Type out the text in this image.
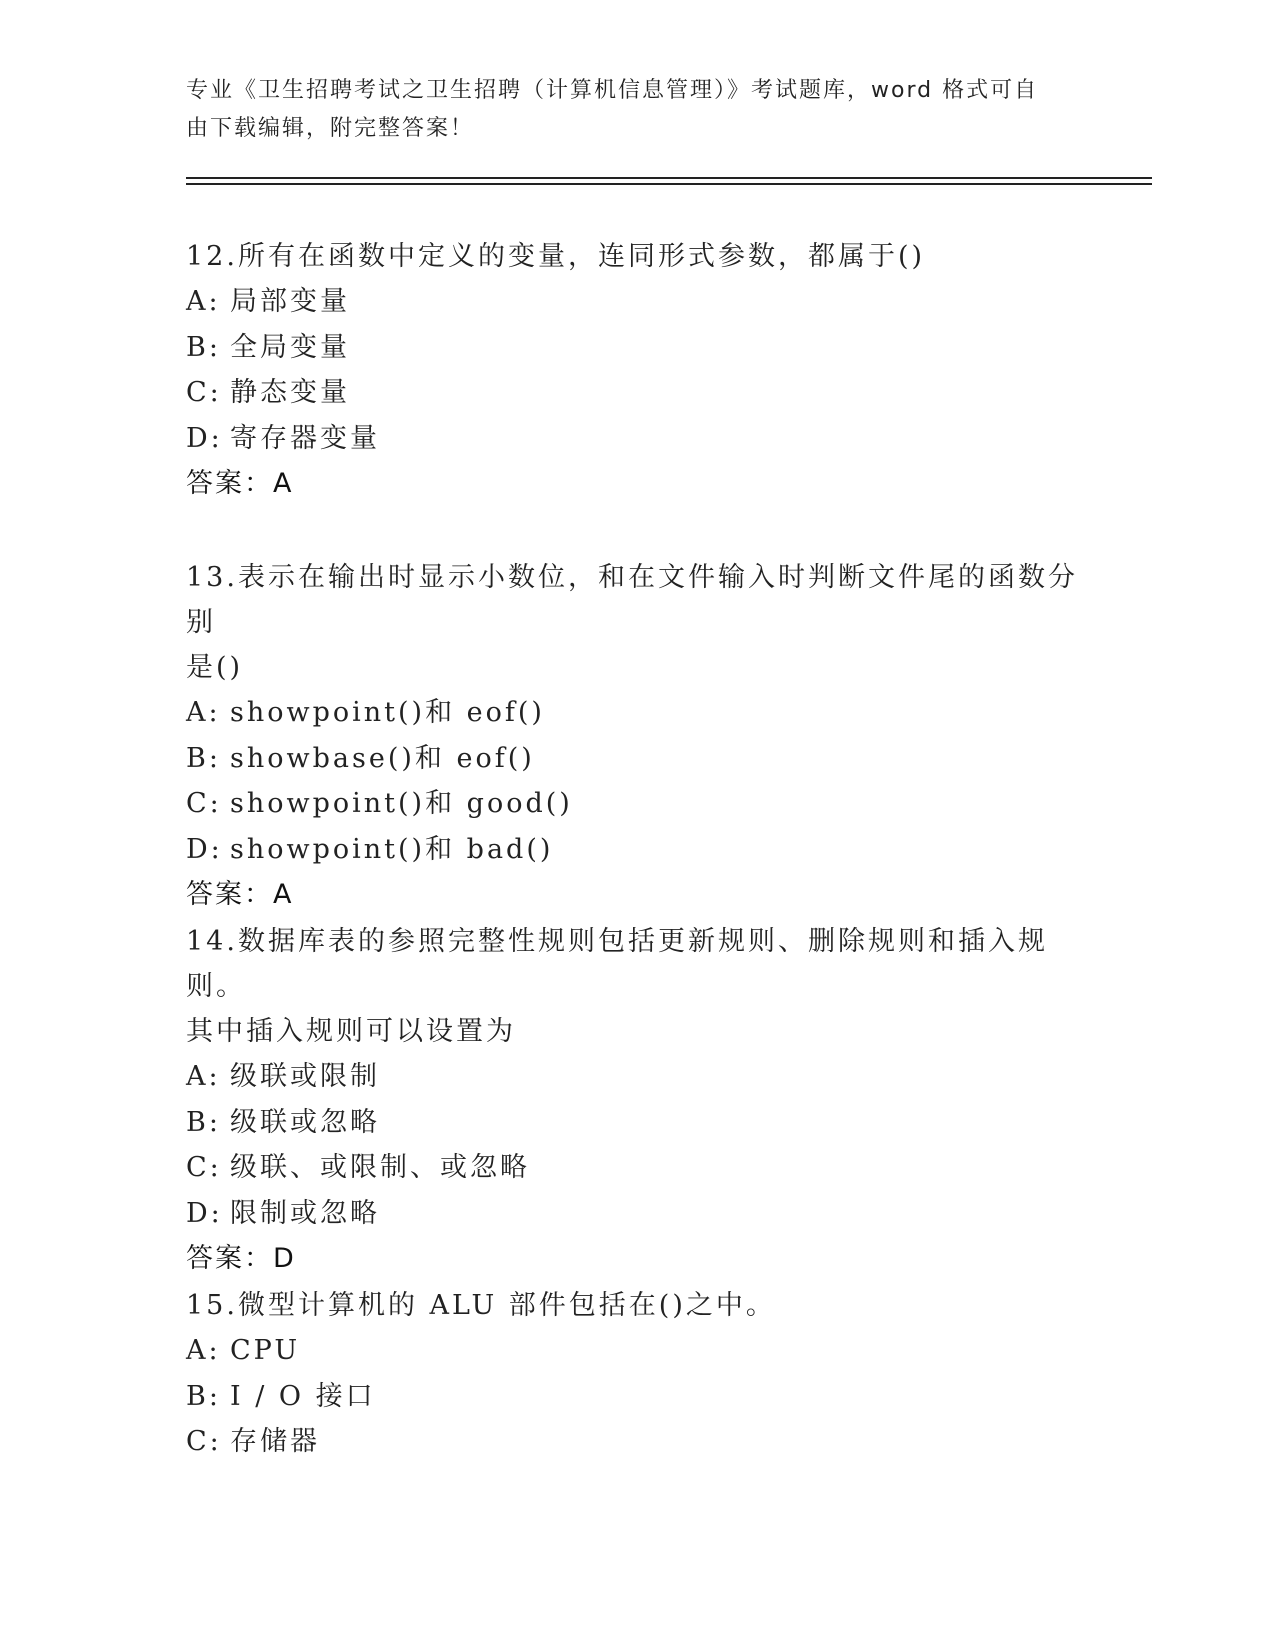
专业《卫生招聘考试之卫生招聘（计算机信息管理）》考试题库，word 格式可自
由下载编辑，附完整答案！

12.所有在函数中定义的变量，连同形式参数，都属于()

A: 局部变量

B: 全局变量

C: 静态变量

D: 寄存器变量

答案：A

13.表示在输出时显示小数位，和在文件输入时判断文件尾的函数分别

是()

A: showpoint()和 eof()

B: showbase()和 eof()

C: showpoint()和 good()

D: showpoint()和 bad()

答案：A

14.数据库表的参照完整性规则包括更新规则、删除规则和插入规则。

其中插入规则可以设置为

A: 级联或限制

B: 级联或忽略

C: 级联、或限制、或忽略

D: 限制或忽略

答案：D

15.微型计算机的 ALU 部件包括在()之中。

A: CPU

B: I / O 接口

C: 存储器
